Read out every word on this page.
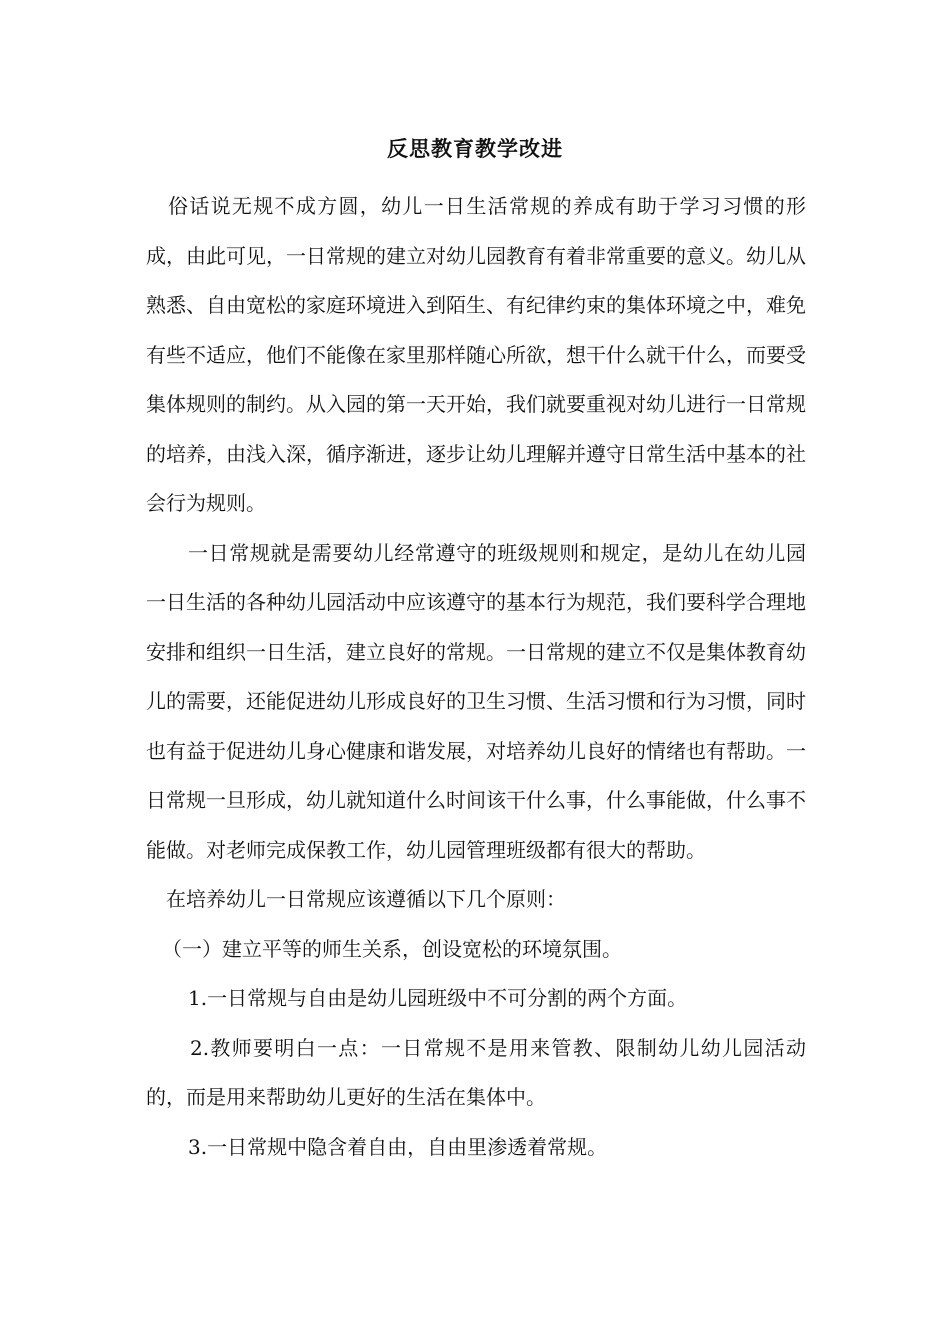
反思教育教学改进

俗话说无规不成方圆，幼儿一日生活常规的养成有助于学习习惯的形成，由此可见，一日常规的建立对幼儿园教育有着非常重要的意义。幼儿从熟悉、自由宽松的家庭环境进入到陌生、有纪律约束的集体环境之中，难免有些不适应，他们不能像在家里那样随心所欲，想干什么就干什么，而要受集体规则的制约。从入园的第一天开始，我们就要重视对幼儿进行一日常规的培养，由浅入深，循序渐进，逐步让幼儿理解并遵守日常生活中基本的社会行为规则。

一日常规就是需要幼儿经常遵守的班级规则和规定，是幼儿在幼儿园一日生活的各种幼儿园活动中应该遵守的基本行为规范，我们要科学合理地安排和组织一日生活，建立良好的常规。一日常规的建立不仅是集体教育幼儿的需要，还能促进幼儿形成良好的卫生习惯、生活习惯和行为习惯，同时也有益于促进幼儿身心健康和谐发展，对培养幼儿良好的情绪也有帮助。一日常规一旦形成，幼儿就知道什么时间该干什么事，什么事能做，什么事不能做。对老师完成保教工作，幼儿园管理班级都有很大的帮助。

在培养幼儿一日常规应该遵循以下几个原则：

（一）建立平等的师生关系，创设宽松的环境氛围。

1.一日常规与自由是幼儿园班级中不可分割的两个方面。

2.教师要明白一点：一日常规不是用来管教、限制幼儿幼儿园活动的，而是用来帮助幼儿更好的生活在集体中。

3.一日常规中隐含着自由，自由里渗透着常规。
